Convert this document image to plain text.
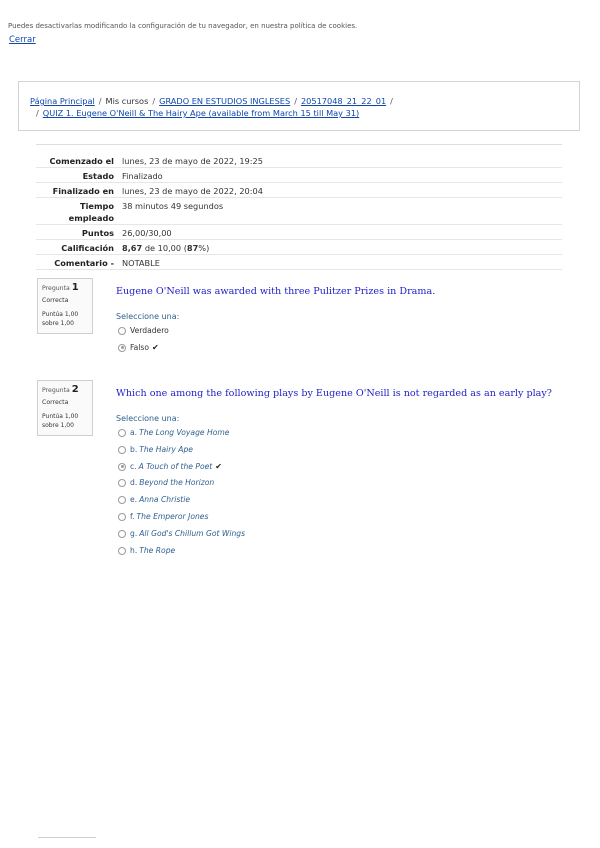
Puedes desactivarlas modificando la configuración de tu navegador, en nuestra política de cookies.
Cerrar
Página Principal / Mis cursos / GRADO EN ESTUDIOS INGLESES / 20517048_21_22_01 /
/ QUIZ 1. Eugene O'Neill & The Hairy Ape (available from March 15 till May 31)
Comenzado el lunes, 23 de mayo de 2022, 19:25
Estado Finalizado
Finalizado en lunes, 23 de mayo de 2022, 20:04
Tiempo empleado
38 minutos 49 segundos
Puntos 26,00/30,00
Calificación 8,67 de 10,00 (87%)
Comentario - NOTABLE
Pregunta 1
Correcta
Puntúa 1,00
sobre 1,00
Eugene O'Neill was awarded with three Pulitzer Prizes in Drama.
Seleccione una:
Verdadero
Falso ✔
Pregunta 2
Correcta
Puntúa 1,00
sobre 1,00
Which one among the following plays by Eugene O'Neill is not regarded as an early play?
Seleccione una:
a. The Long Voyage Home
b. The Hairy Ape
c. A Touch of the Poet ✔
d. Beyond the Horizon
e. Anna Christie
f. The Emperor Jones
g. All God's Chillum Got Wings
h. The Rope
